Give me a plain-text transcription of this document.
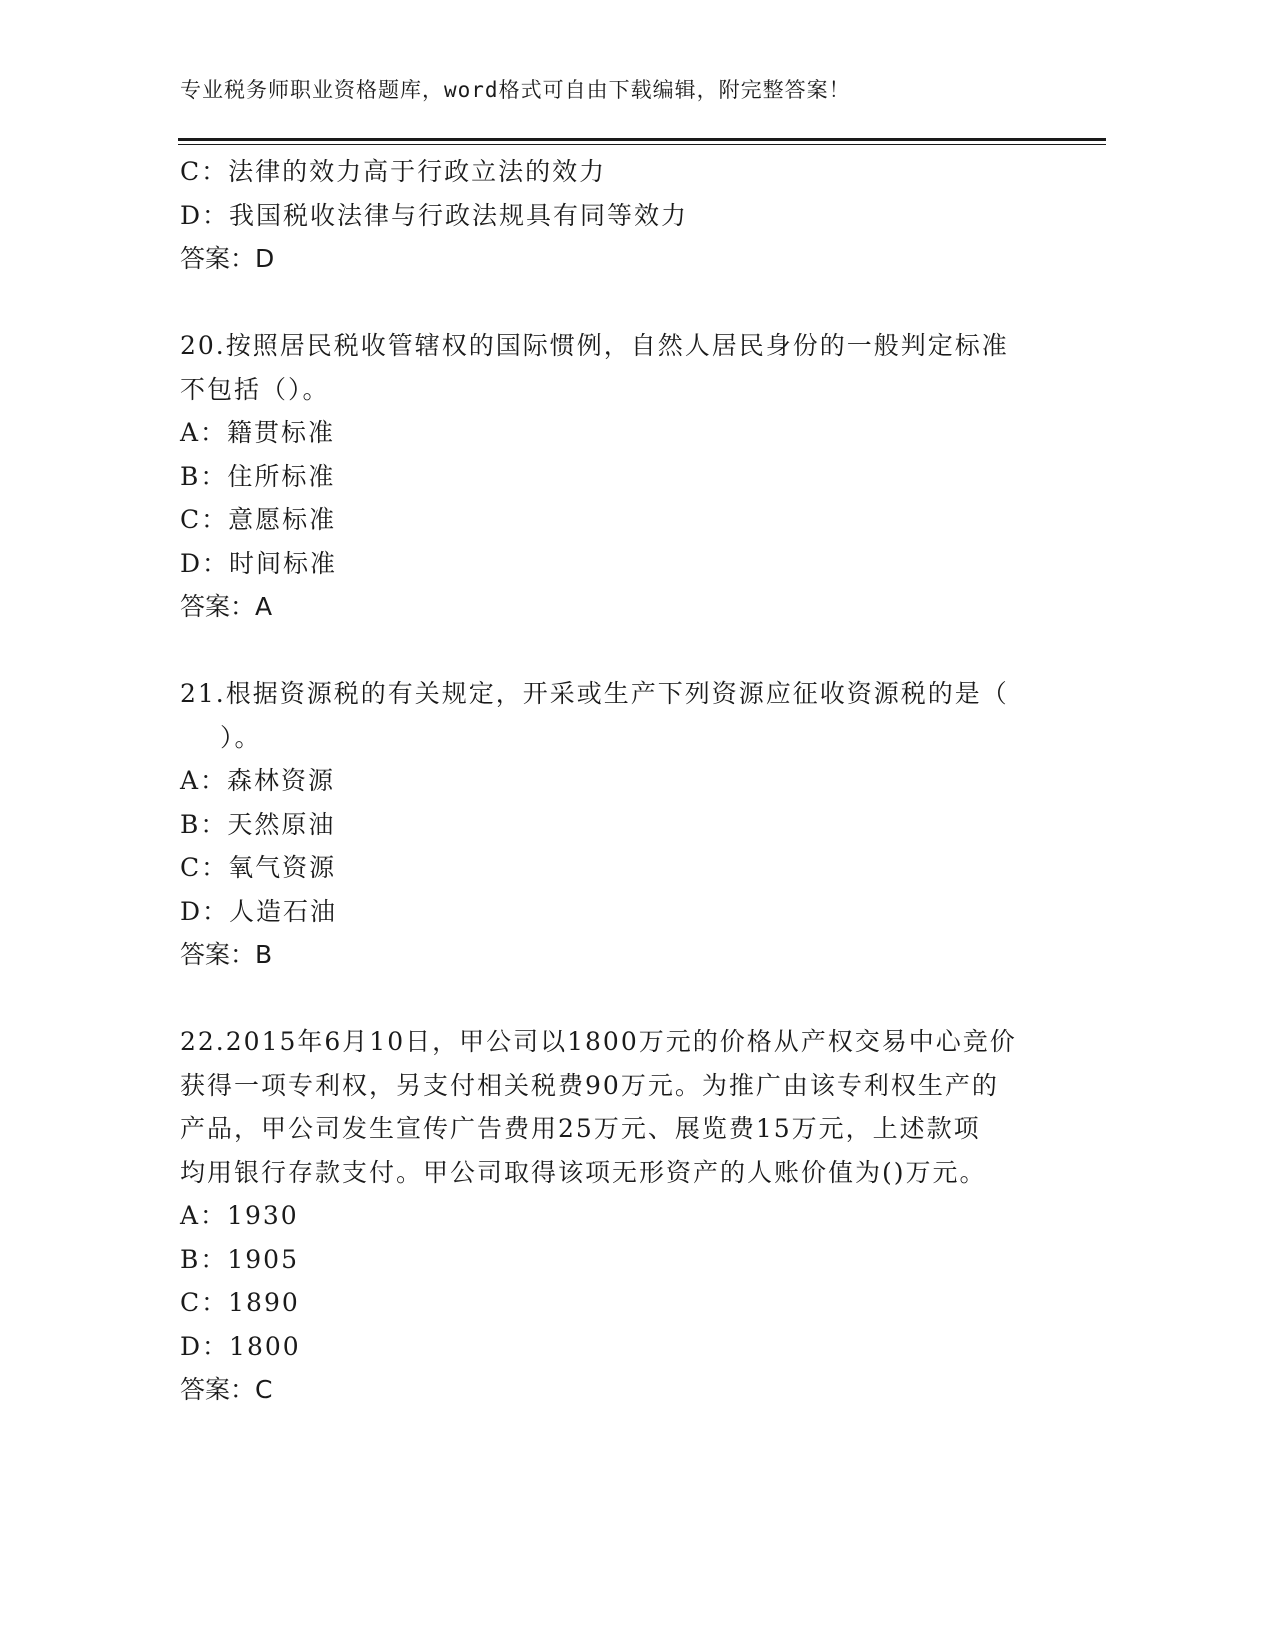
专业税务师职业资格题库，word格式可自由下载编辑，附完整答案！
C：法律的效力高于行政立法的效力
D：我国税收法律与行政法规具有同等效力
答案：D
20.按照居民税收管辖权的国际惯例，自然人居民身份的一般判定标准
不包括（）。
A：籍贯标准
B：住所标准
C：意愿标准
D：时间标准
答案：A
21.根据资源税的有关规定，开采或生产下列资源应征收资源税的是（
）。
A：森林资源
B：天然原油
C：氧气资源
D：人造石油
答案：B
22.2015年6月10日，甲公司以1800万元的价格从产权交易中心竞价
获得一项专利权，另支付相关税费90万元。为推广由该专利权生产的
产品，甲公司发生宣传广告费用25万元、展览费15万元，上述款项
均用银行存款支付。甲公司取得该项无形资产的人账价值为()万元。
A：1930
B：1905
C：1890
D：1800
答案：C
